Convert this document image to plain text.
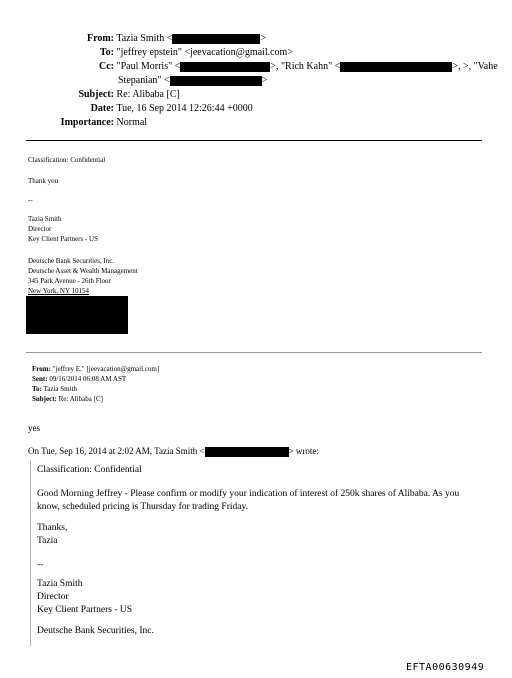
From: Tazia Smith <	>
To: "jeffrey epstein" <jeevacation@gmail.com>
Cc: "Paul Morris" <	>, "Rich Kahn" <	>, >, "Vahe
Stepanian" <	>
Subject: Re: Alibaba [C]
Date: Tue, 16 Sep 2014 12:26:44 +0000
Importance: Normal
Classification: Confidential
Thank you
--
Tazia Smith
Director
Key Client Partners - US
Deutsche Bank Securities, Inc.
Deutsche Asset & Wealth Management
345 Park Avenue - 26th Floor
New York, NY 10154
From: "jeffrey E." [jeevacation@gmail.com]
Sent: 09/16/2014 06:08 AM AST
To: Tazia Smith
Subject: Re: Alibaba [C]
yes
On Tue, Sep 16, 2014 at 2:02 AM, Tazia Smith <	> wrote:
Classification: Confidential
Good Morning Jeffrey - Please confirm or modify your indication of interest of 250k shares of Alibaba. As you
know, scheduled pricing is Thursday for trading Friday.
Thanks,
Tazia
--
Tazia Smith
Director
Key Client Partners - US
Deutsche Bank Securities, Inc.
EFTA00630949
